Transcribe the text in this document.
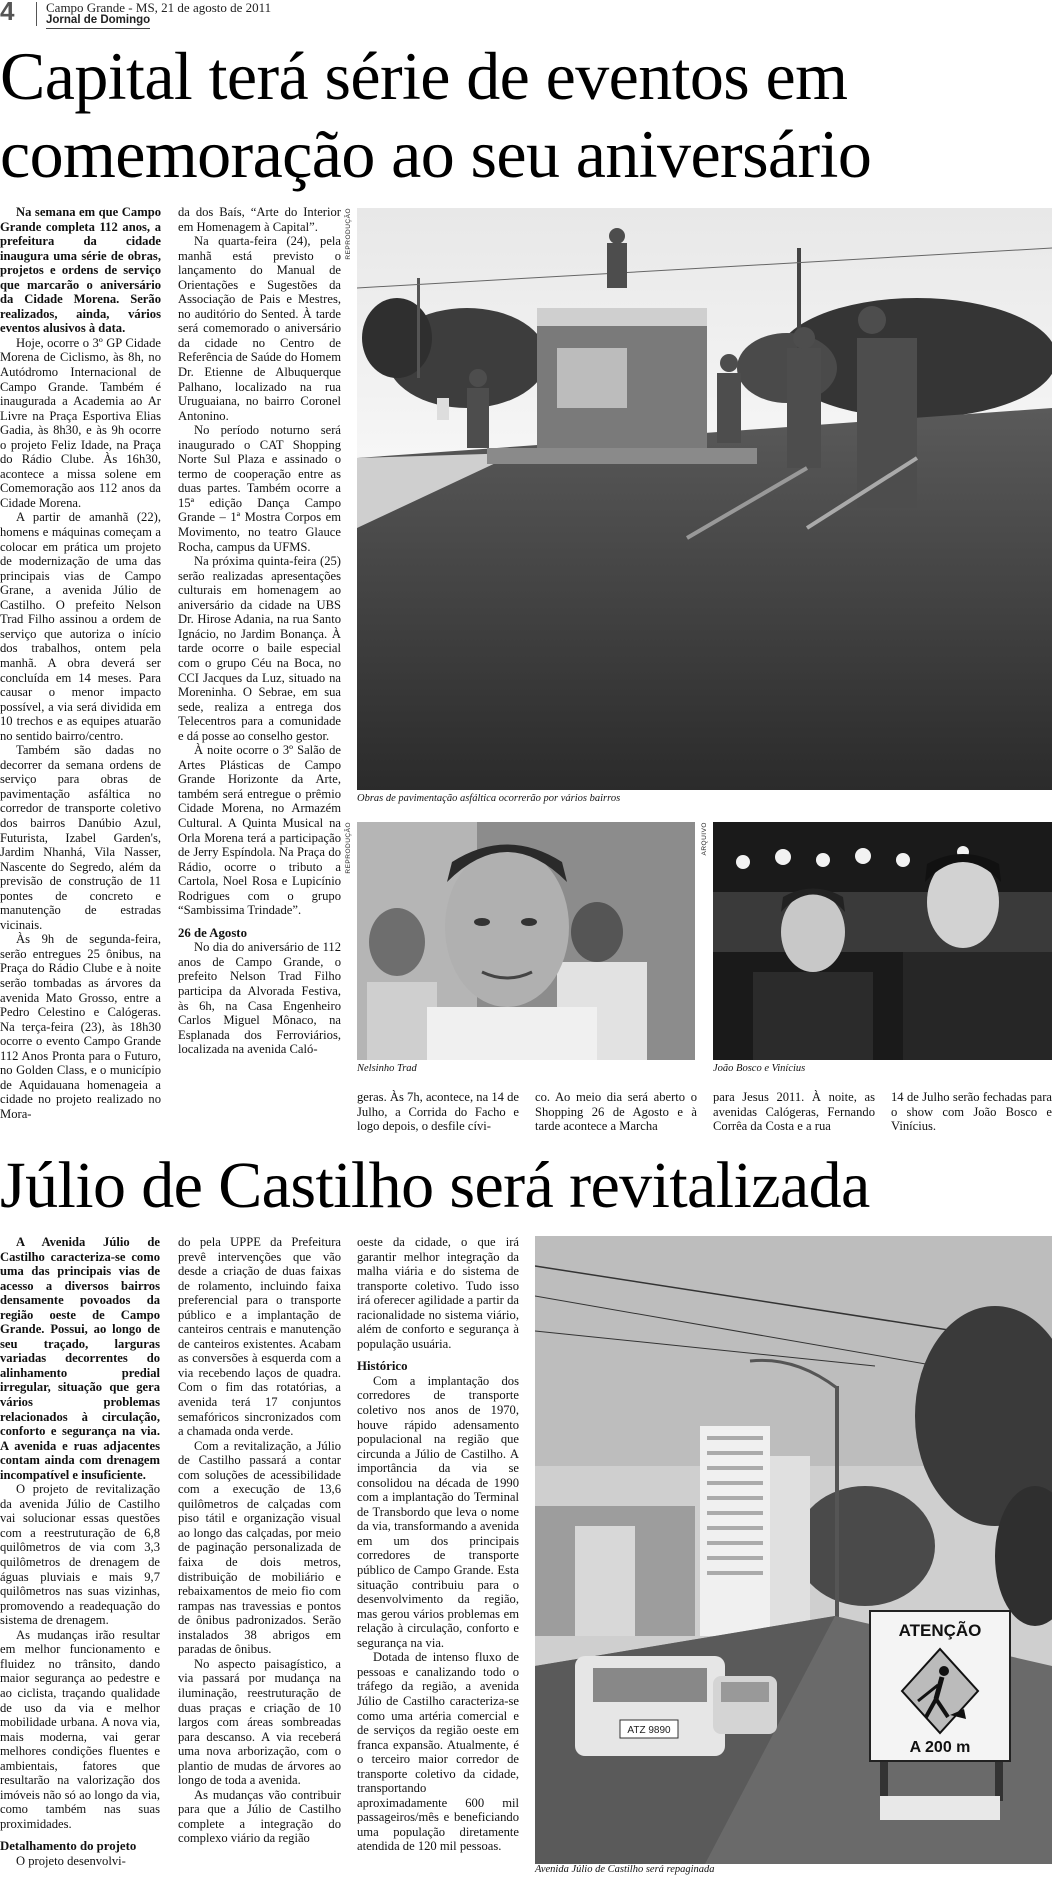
4 Campo Grande - MS, 21 de agosto de 2011
Jornal de Domingo
Capital terá série de eventos em
comemoração ao seu aniversário

Na semana em que Campo Grande completa 112 anos, a prefeitura da cidade inaugura uma série de obras, projetos e ordens de serviço que marcarão o aniversário da Cidade Morena. Serão realizados, ainda, vários eventos alusivos à data.

Hoje, ocorre o 3º GP Cidade Morena de Ciclismo, às 8h, no Autódromo Internacional de Campo Grande. Também é inaugurada a Academia ao Ar Livre na Praça Esportiva Elias Gadia, às 8h30, e às 9h ocorre o projeto Feliz Idade, na Praça do Rádio Clube. Às 16h30, acontece a missa solene em Comemoração aos 112 anos da Cidade Morena.

A partir de amanhã (22), homens e máquinas começam a colocar em prática um projeto de modernização de uma das principais vias de Campo Grane, a avenida Júlio de Castilho. O prefeito Nelson Trad Filho assinou a ordem de serviço que autoriza o início dos trabalhos, ontem pela manhã. A obra deverá ser concluída em 14 meses. Para causar o menor impacto possível, a via será dividida em 10 trechos e as equipes atuarão no sentido bairro/centro.

Também são dadas no decorrer da semana ordens de serviço para obras de pavimentação asfáltica no corredor de transporte coletivo dos bairros Danúbio Azul, Futurista, Izabel Garden's, Jardim Nhanhá, Vila Nasser, Nascente do Segredo, além da previsão de construção de 11 pontes de concreto e manutenção de estradas vicinais.

Às 9h de segunda-feira, serão entregues 25 ônibus, na Praça do Rádio Clube e à noite serão tombadas as árvores da avenida Mato Grosso, entre a Pedro Celestino e Calógeras. Na terça-feira (23), às 18h30 ocorre o evento Campo Grande 112 Anos Pronta para o Futuro, no Golden Class, e o município de Aquidauana homenageia a cidade no projeto realizado no Mora-

da dos Baís, “Arte do Interior em Homenagem à Capital”.

Na quarta-feira (24), pela manhã está previsto o lançamento do Manual de Orientações e Sugestões da Associação de Pais e Mestres, no auditório do Sented. À tarde será comemorado o aniversário da cidade no Centro de Referência de Saúde do Homem Dr. Etienne de Albuquerque Palhano, localizado na rua Uruguaiana, no bairro Coronel Antonino.

No período noturno será inaugurado o CAT Shopping Norte Sul Plaza e assinado o termo de cooperação entre as duas partes. Também ocorre a 15ª edição Dança Campo Grande – 1ª Mostra Corpos em Movimento, no teatro Glauce Rocha, campus da UFMS.

Na próxima quinta-feira (25) serão realizadas apresentações culturais em homenagem ao aniversário da cidade na UBS Dr. Hirose Adania, na rua Santo Ignácio, no Jardim Bonança. À tarde ocorre o baile especial com o grupo Céu na Boca, no CCI Jacques da Luz, situado na Moreninha. O Sebrae, em sua sede, realiza a entrega dos Telecentros para a comunidade e dá posse ao conselho gestor.

À noite ocorre o 3º Salão de Artes Plásticas de Campo Grande Horizonte da Arte, também será entregue o prêmio Cidade Morena, no Armazém Cultural. A Quinta Musical na Orla Morena terá a participação de Jerry Espíndola. Na Praça do Rádio, ocorre o tributo a Cartola, Noel Rosa e Lupicínio Rodrigues com o grupo “Sambissima Trindade”.

26 de Agosto

No dia do aniversário de 112 anos de Campo Grande, o prefeito Nelson Trad Filho participa da Alvorada Festiva, às 6h, na Casa Engenheiro Carlos Miguel Mônaco, na Esplanada dos Ferroviários, localizada na avenida Caló-

REPRODUÇÃO
Obras de pavimentação asfáltica ocorrerão por vários bairros
REPRODUÇÃO
Nelsinho Trad
ARQUIVO
João Bosco e Vinícius

geras. Às 7h, acontece, na 14 de Julho, a Corrida do Facho e logo depois, o desfile cívi-

co. Ao meio dia será aberto o Shopping 26 de Agosto e à tarde acontece a Marcha

para Jesus 2011. À noite, as avenidas Calógeras, Fernando Corrêa da Costa e a rua

14 de Julho serão fechadas para o show com João Bosco e Vinícius.

Júlio de Castilho será revitalizada

A Avenida Júlio de Castilho caracteriza-se como uma das principais vias de acesso a diversos bairros densamente povoados da região oeste de Campo Grande. Possui, ao longo de seu traçado, larguras variadas decorrentes do alinhamento predial irregular, situação que gera vários problemas relacionados à circulação, conforto e segurança na via. A avenida e ruas adjacentes contam ainda com drenagem incompatível e insuficiente.

O projeto de revitalização da avenida Júlio de Castilho vai solucionar essas questões com a reestruturação de 6,8 quilômetros de via com 3,3 quilômetros de drenagem de águas pluviais e mais 9,7 quilômetros nas suas vizinhas, promovendo a readequação do sistema de drenagem.

As mudanças irão resultar em melhor funcionamento e fluidez no trânsito, dando maior segurança ao pedestre e ao ciclista, traçando qualidade de uso da via e melhor mobilidade urbana. A nova via, mais moderna, vai gerar melhores condições fluentes e ambientais, fatores que resultarão na valorização dos imóveis não só ao longo da via, como também nas suas proximidades.

Detalhamento do projeto

O projeto desenvolvi-

do pela UPPE da Prefeitura prevê intervenções que vão desde a criação de duas faixas de rolamento, incluindo faixa preferencial para o transporte público e a implantação de canteiros centrais e manutenção de canteiros existentes. Acabam as conversões à esquerda com a via recebendo laços de quadra. Com o fim das rotatórias, a avenida terá 17 conjuntos semafóricos sincronizados com a chamada onda verde.

Com a revitalização, a Júlio de Castilho passará a contar com soluções de acessibilidade com a execução de 13,6 quilômetros de calçadas com piso tátil e organização visual ao longo das calçadas, por meio de paginação personalizada de faixa de dois metros, distribuição de mobiliário e rebaixamentos de meio fio com rampas nas travessias e pontos de ônibus padronizados. Serão instalados 38 abrigos em paradas de ônibus.

No aspecto paisagístico, a via passará por mudança na iluminação, reestruturação de duas praças e criação de 10 largos com áreas sombreadas para descanso. A via receberá uma nova arborização, com o plantio de mudas de árvores ao longo de toda a avenida.

As mudanças vão contribuir para que a Júlio de Castilho complete a integração do complexo viário da região

oeste da cidade, o que irá garantir melhor integração da malha viária e do sistema de transporte coletivo. Tudo isso irá oferecer agilidade a partir da racionalidade no sistema viário, além de conforto e segurança à população usuária.

Histórico

Com a implantação dos corredores de transporte coletivo nos anos de 1970, houve rápido adensamento populacional na região que circunda a Júlio de Castilho. A importância da via se consolidou na década de 1990 com a implantação do Terminal de Transbordo que leva o nome da via, transformando a avenida em um dos principais corredores de transporte público de Campo Grande. Esta situação contribuiu para o desenvolvimento da região, mas gerou vários problemas em relação à circulação, conforto e segurança na via.

Dotada de intenso fluxo de pessoas e canalizando todo o tráfego da região, a avenida Júlio de Castilho caracteriza-se como uma artéria comercial e de serviços da região oeste em franca expansão. Atualmente, é o terceiro maior corredor de transporte coletivo da cidade, transportando aproximadamente 600 mil passageiros/mês e beneficiando uma população diretamente atendida de 120 mil pessoas.

ATZ 9890
ATENÇÃO
A 200 m
Avenida Júlio de Castilho será repaginada
